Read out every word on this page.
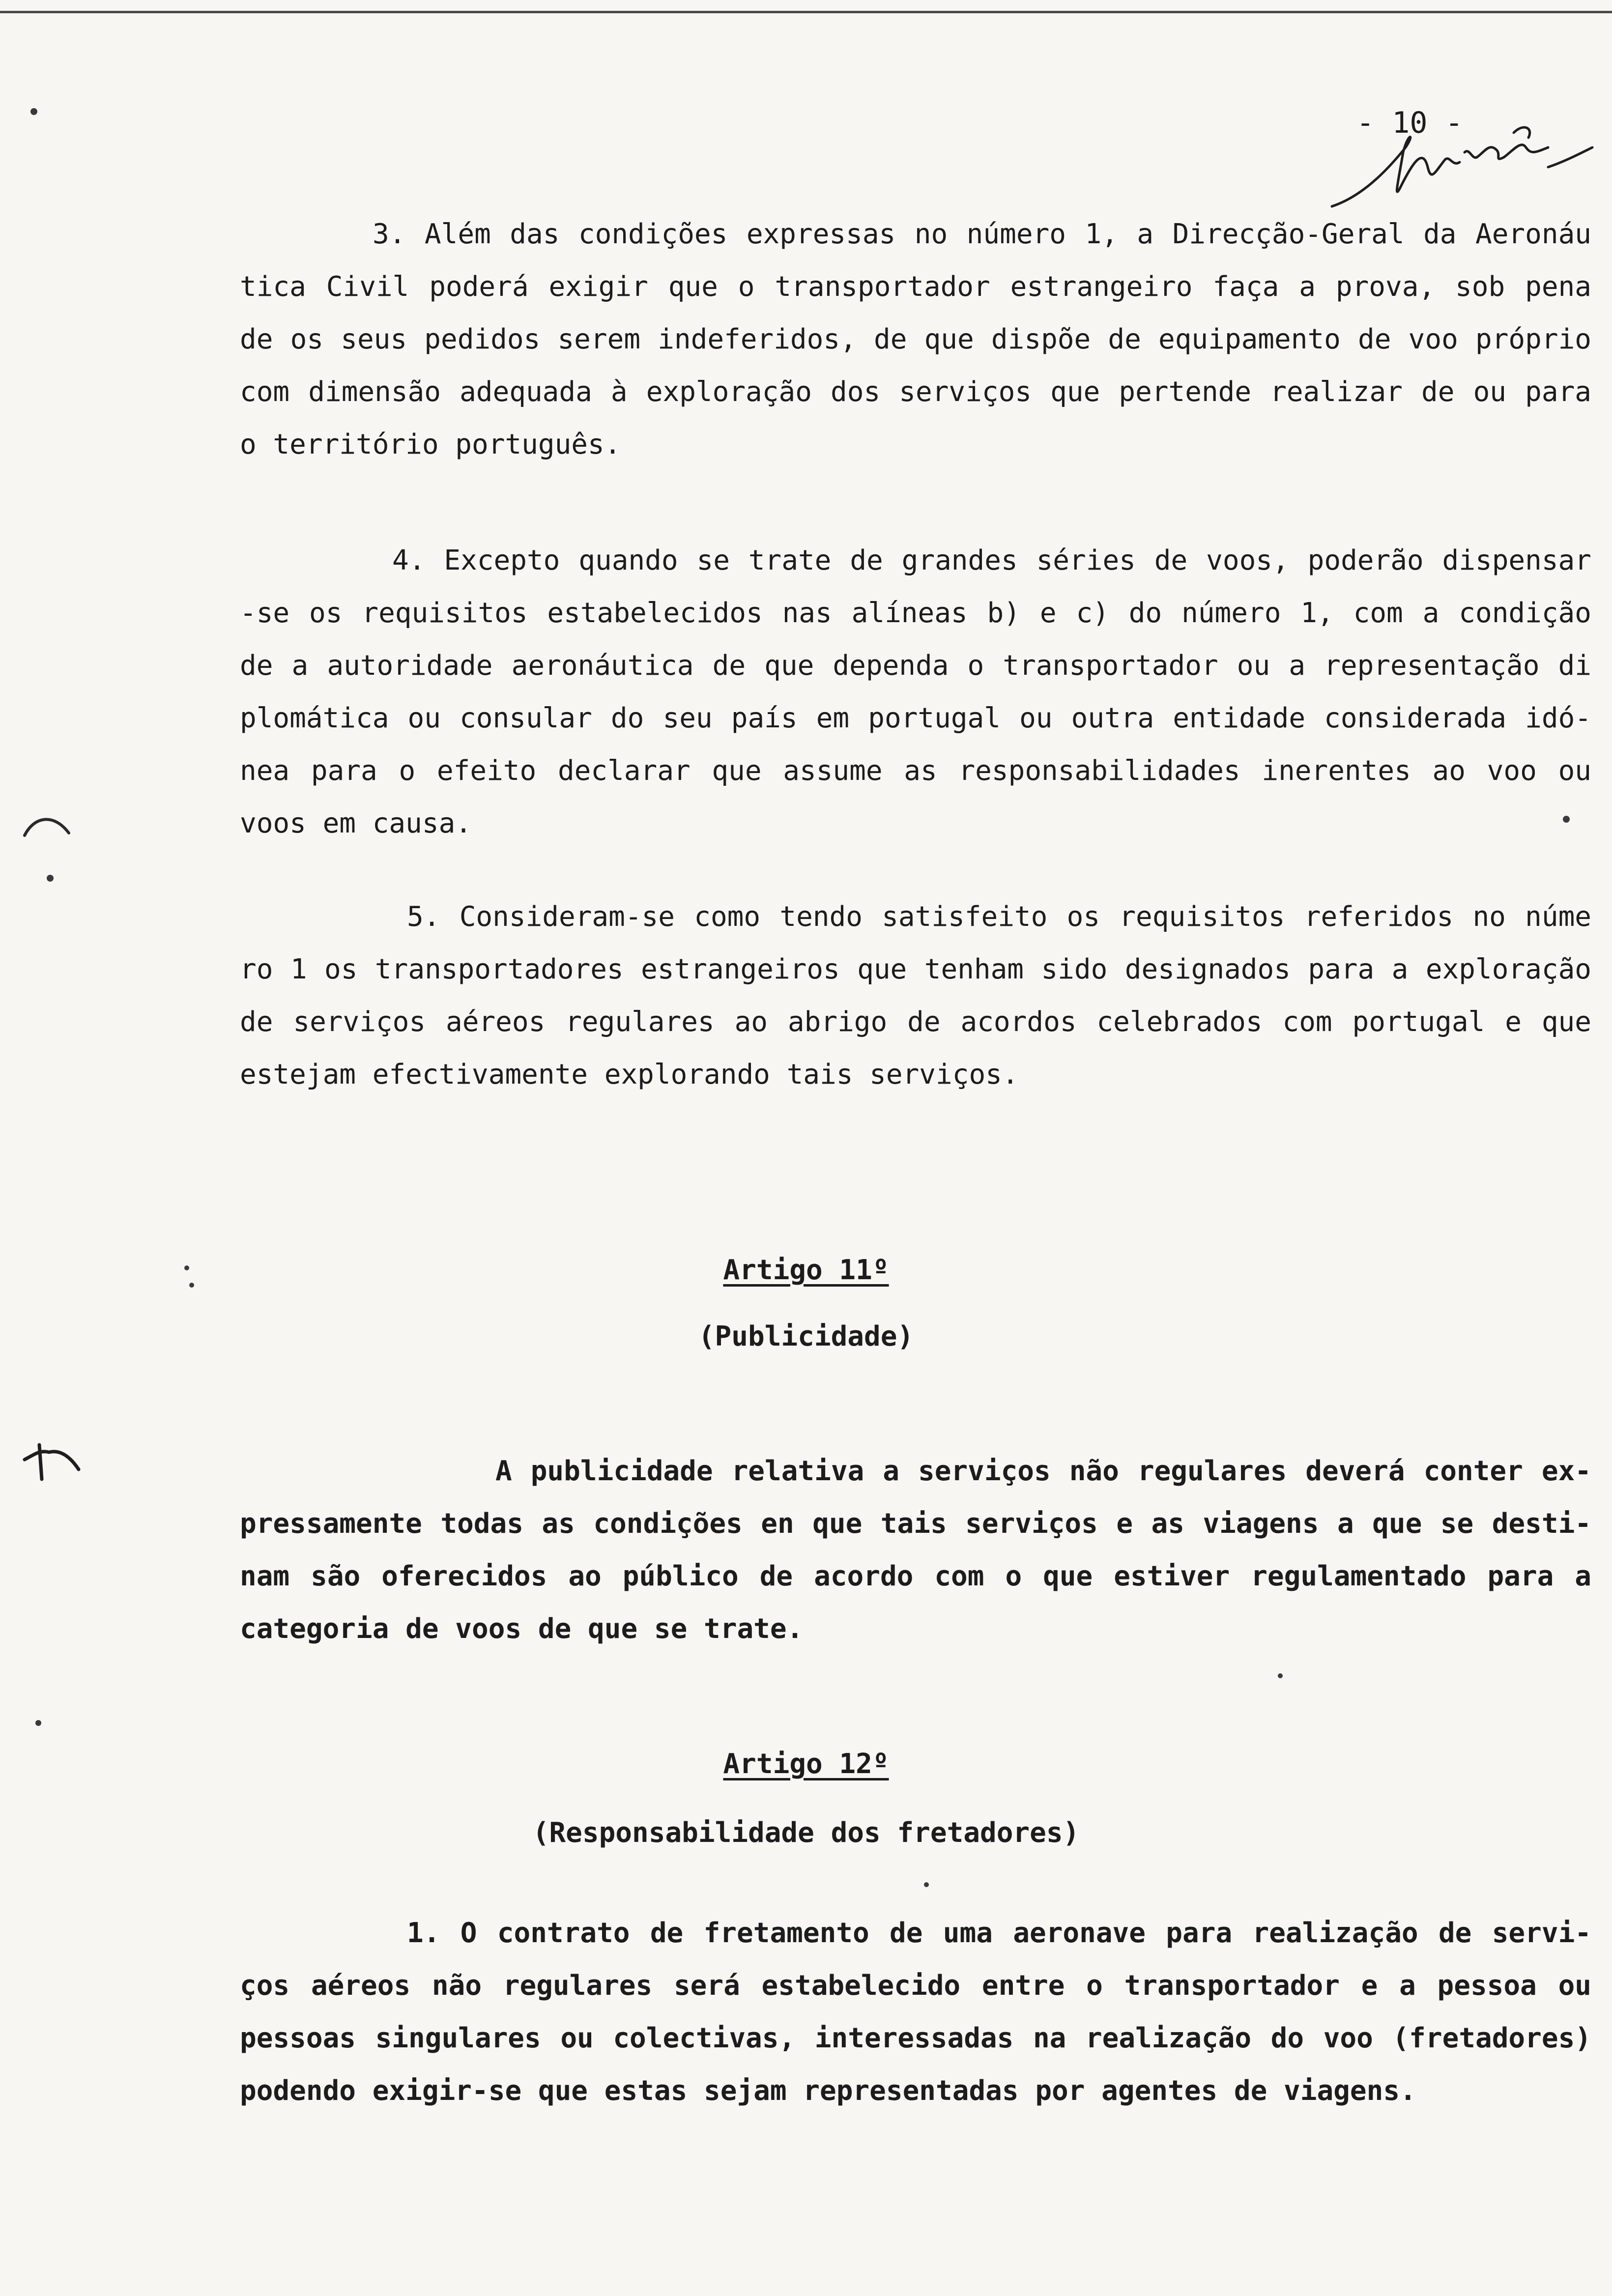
- 10 -
3. Além das condições expressas no número 1, a Direcção-Geral da Aeronáu
tica Civil poderá exigir que o transportador estrangeiro faça a prova, sob pena
de os seus pedidos serem indeferidos, de que dispõe de equipamento de voo próprio
com dimensão adequada à exploração dos serviços que pertende realizar de ou para
o território português.
4. Excepto quando se trate de grandes séries de voos, poderão dispensar
-se os requisitos estabelecidos nas alíneas b) e c) do número 1, com a condição
de a autoridade aeronáutica de que dependa o transportador ou a representação di
plomática ou consular do seu país em portugal ou outra entidade considerada idó-
nea para o efeito declarar que assume as responsabilidades inerentes ao voo ou
voos em causa.
5. Consideram-se como tendo satisfeito os requisitos referidos no núme
ro 1 os transportadores estrangeiros que tenham sido designados para a exploração
de serviços aéreos regulares ao abrigo de acordos celebrados com portugal e que
estejam efectivamente explorando tais serviços.
Artigo 11º
(Publicidade)
A publicidade relativa a serviços não regulares deverá conter ex-
pressamente todas as condições en que tais serviços e as viagens a que se desti-
nam são oferecidos ao público de acordo com o que estiver regulamentado para a
categoria de voos de que se trate.
Artigo 12º
(Responsabilidade dos fretadores)
1. O contrato de fretamento de uma aeronave para realização de servi-
ços aéreos não regulares será estabelecido entre o transportador e a pessoa ou
pessoas singulares ou colectivas, interessadas na realização do voo (fretadores)
podendo exigir-se que estas sejam representadas por agentes de viagens.
